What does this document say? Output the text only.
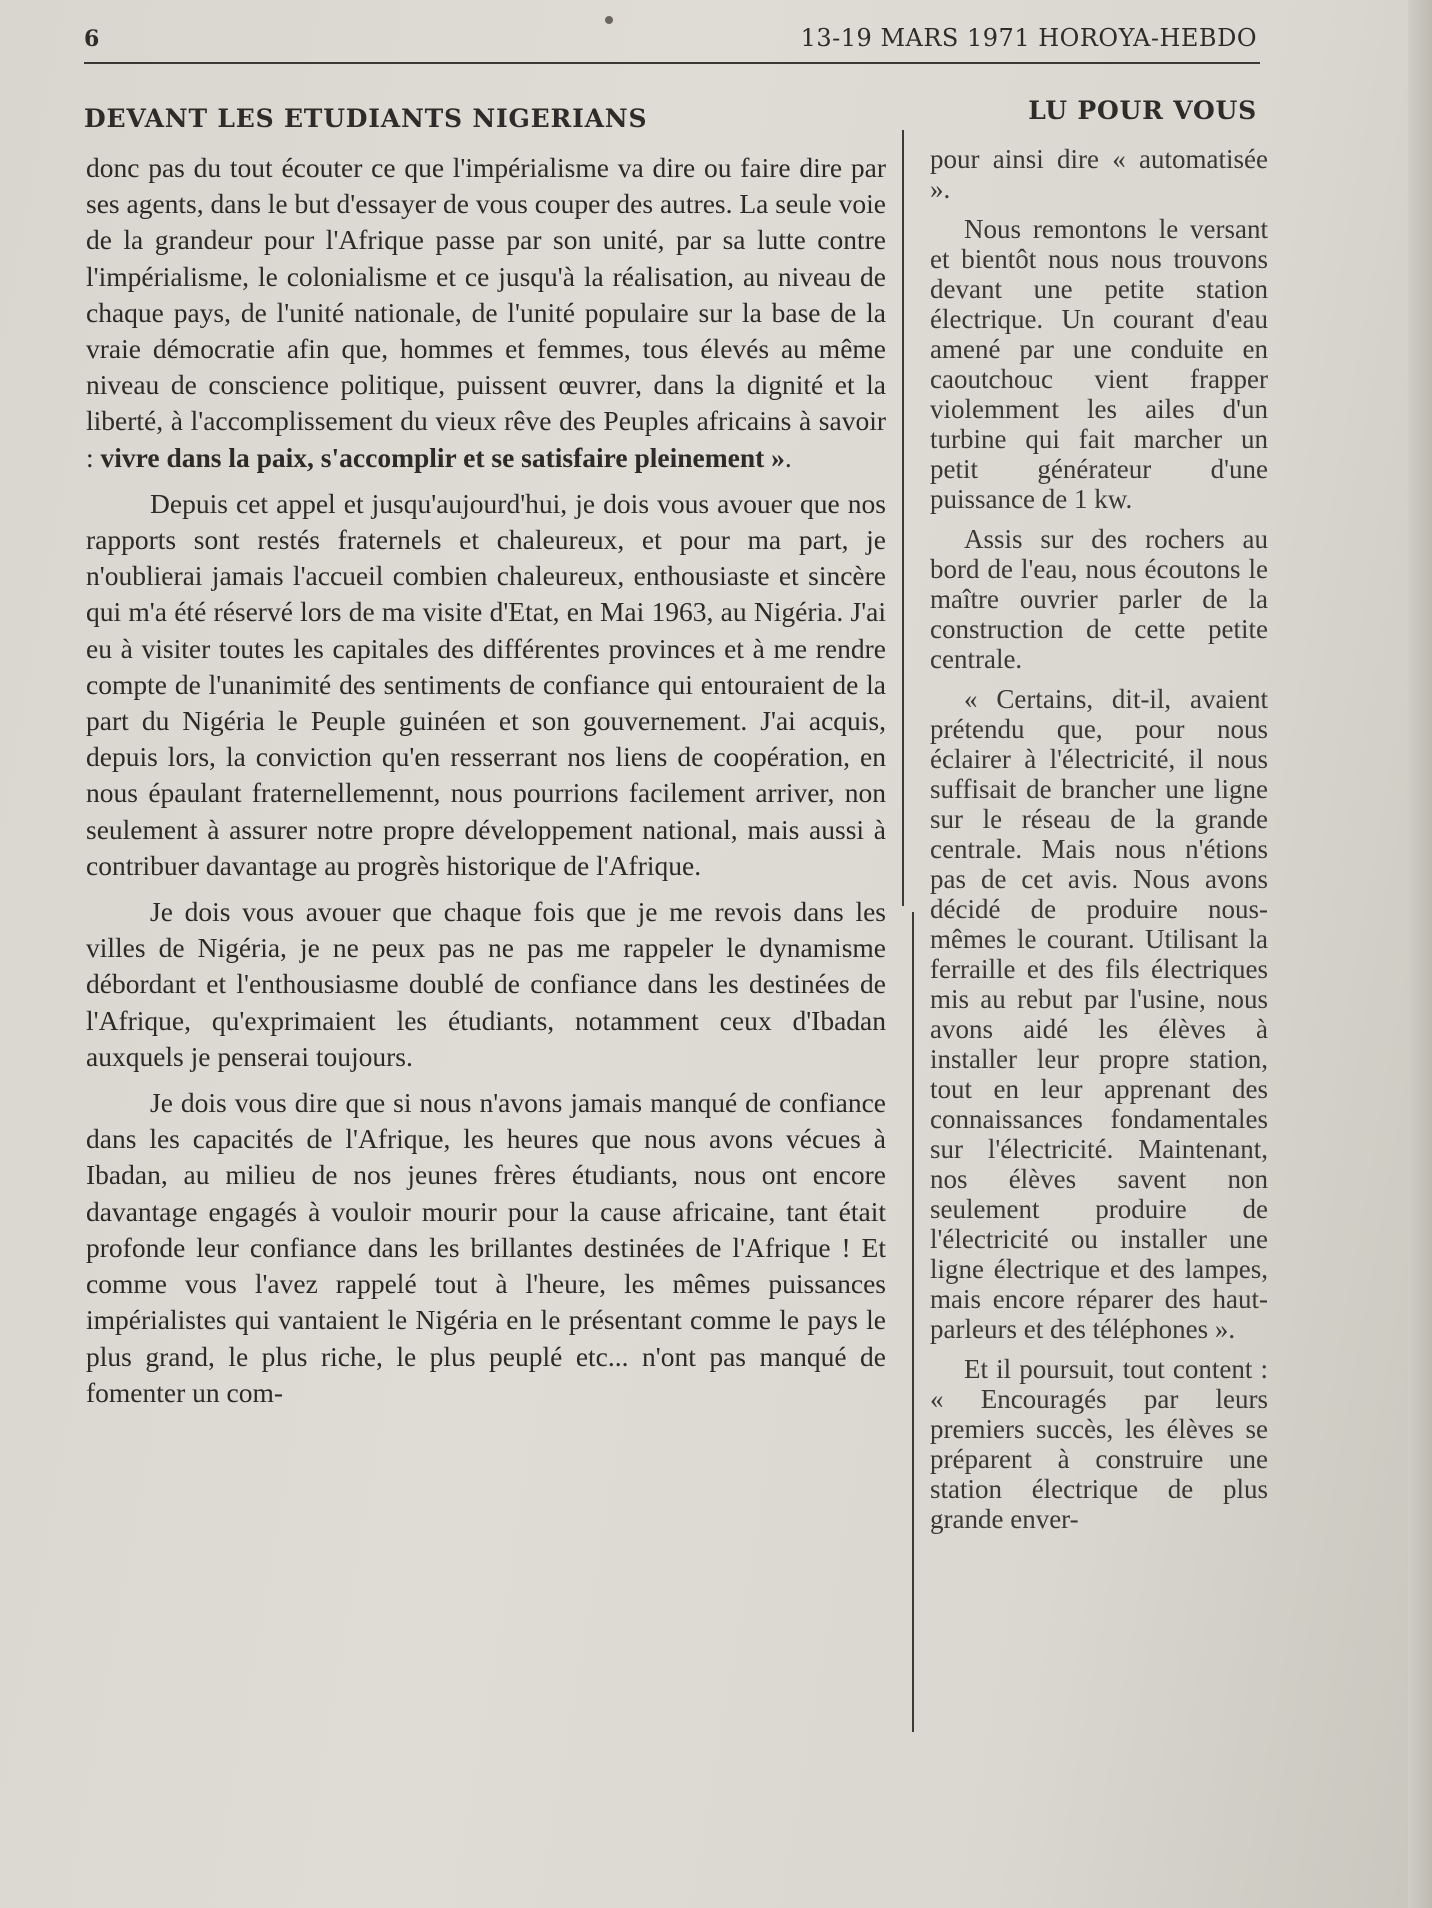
6	13-19 MARS 1971 HOROYA-HEBDO
DEVANT LES ETUDIANTS NIGERIANS	LU POUR VOUS

donc pas du tout écouter ce que l'impérialisme va dire ou faire dire par ses agents, dans le but d'essayer de vous couper des autres. La seule voie de la grandeur pour l'Afrique passe par son unité, par sa lutte contre l'impérialisme, le colonialisme et ce jusqu'à la réalisation, au niveau de chaque pays, de l'unité nationale, de l'unité populaire sur la base de la vraie démocratie afin que, hommes et femmes, tous élevés au même niveau de conscience politique, puissent œuvrer, dans la dignité et la liberté, à l'accomplissement du vieux rêve des Peuples africains à savoir : vivre dans la paix, s'accomplir et se satisfaire pleinement ».

Depuis cet appel et jusqu'aujourd'hui, je dois vous avouer que nos rapports sont restés fraternels et chaleureux, et pour ma part, je n'oublierai jamais l'accueil combien chaleureux, enthousiaste et sincère qui m'a été réservé lors de ma visite d'Etat, en Mai 1963, au Nigéria. J'ai eu à visiter toutes les capitales des différentes provinces et à me rendre compte de l'unanimité des sentiments de confiance qui entouraient de la part du Nigéria le Peuple guinéen et son gouvernement. J'ai acquis, depuis lors, la conviction qu'en resserrant nos liens de coopération, en nous épaulant fraternellemennt, nous pourrions facilement arriver, non seulement à assurer notre propre développement national, mais aussi à contribuer davantage au progrès historique de l'Afrique.

Je dois vous avouer que chaque fois que je me revois dans les villes de Nigéria, je ne peux pas ne pas me rappeler le dynamisme débordant et l'enthousiasme doublé de confiance dans les destinées de l'Afrique, qu'exprimaient les étudiants, notamment ceux d'Ibadan auxquels je penserai toujours.

Je dois vous dire que si nous n'avons jamais manqué de confiance dans les capacités de l'Afrique, les heures que nous avons vécues à Ibadan, au milieu de nos jeunes frères étudiants, nous ont encore davantage engagés à vouloir mourir pour la cause africaine, tant était profonde leur confiance dans les brillantes destinées de l'Afrique ! Et comme vous l'avez rappelé tout à l'heure, les mêmes puissances impérialistes qui vantaient le Nigéria en le présentant comme le pays le plus grand, le plus riche, le plus peuplé etc... n'ont pas manqué de fomenter un com-

pour ainsi dire « automatisée ».

Nous remontons le versant et bientôt nous nous trouvons devant une petite station électrique. Un courant d'eau amené par une conduite en caoutchouc vient frapper violemment les ailes d'un turbine qui fait marcher un petit générateur d'une puissance de 1 kw.

Assis sur des rochers au bord de l'eau, nous écoutons le maître ouvrier parler de la construction de cette petite centrale.

« Certains, dit-il, avaient prétendu que, pour nous éclairer à l'électricité, il nous suffisait de brancher une ligne sur le réseau de la grande centrale. Mais nous n'étions pas de cet avis. Nous avons décidé de produire nous-mêmes le courant. Utilisant la ferraille et des fils électriques mis au rebut par l'usine, nous avons aidé les élèves à installer leur propre station, tout en leur apprenant des connaissances fondamentales sur l'électricité. Maintenant, nos élèves savent non seulement produire de l'électricité ou installer une ligne électrique et des lampes, mais encore réparer des haut-parleurs et des téléphones ».

Et il poursuit, tout content : « Encouragés par leurs premiers succès, les élèves se préparent à construire une station électrique de plus grande enver-
